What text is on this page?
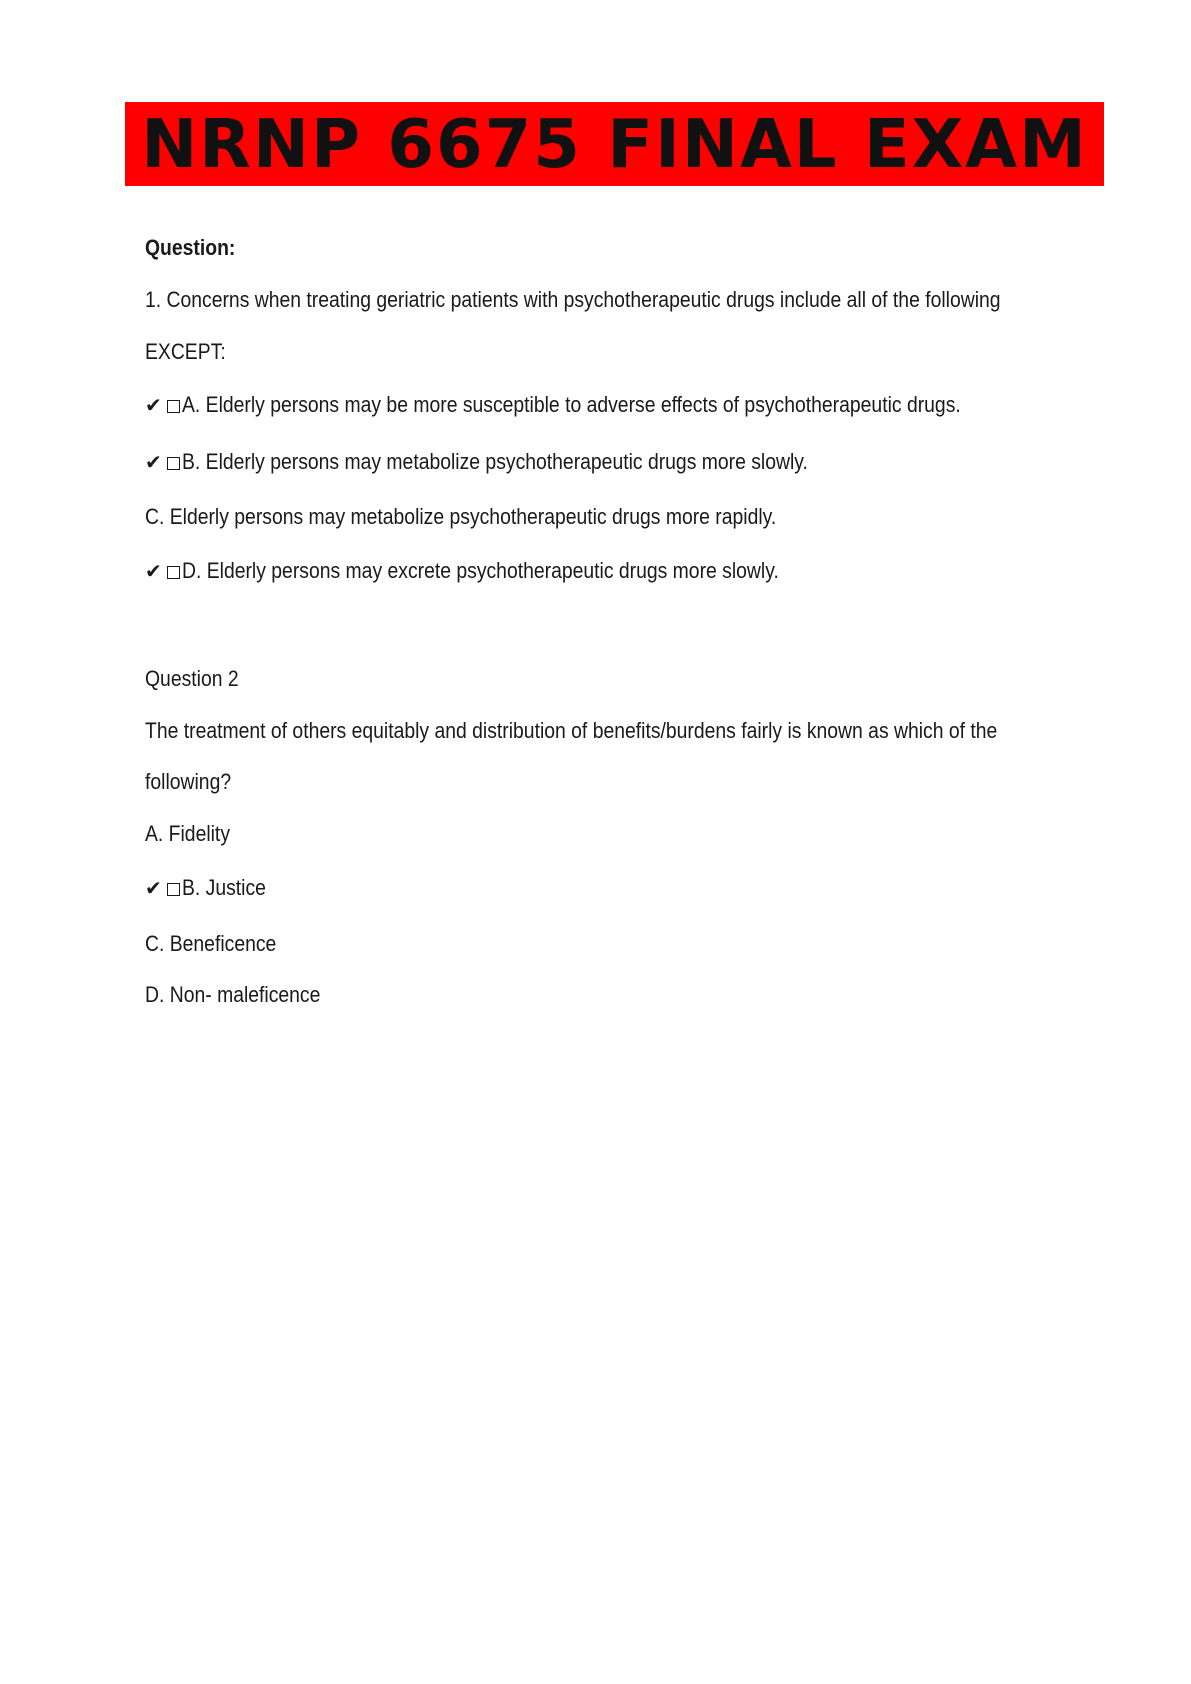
NRNP 6675 FINAL EXAM
Question:
1. Concerns when treating geriatric patients with psychotherapeutic drugs include all of the following
EXCEPT:
✔ A. Elderly persons may be more susceptible to adverse effects of psychotherapeutic drugs.
✔ B. Elderly persons may metabolize psychotherapeutic drugs more slowly.
C. Elderly persons may metabolize psychotherapeutic drugs more rapidly.
✔ D. Elderly persons may excrete psychotherapeutic drugs more slowly.
Question 2
The treatment of others equitably and distribution of benefits/burdens fairly is known as which of the
following?
A. Fidelity
✔ B. Justice
C. Beneficence
D. Non- maleficence
